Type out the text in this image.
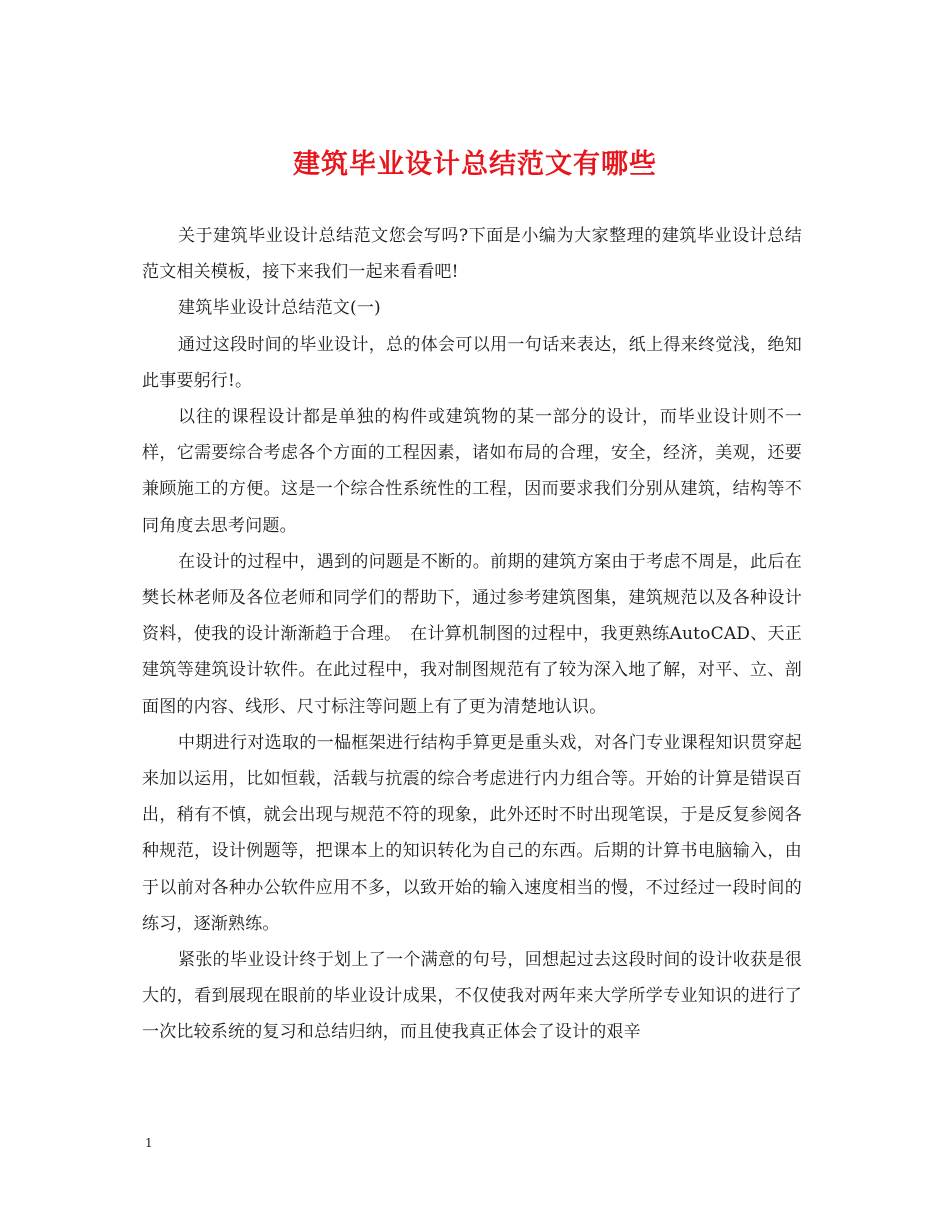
建筑毕业设计总结范文有哪些

关于建筑毕业设计总结范文您会写吗?下面是小编为大家整理的建筑毕业设计总结范文相关模板，接下来我们一起来看看吧!

建筑毕业设计总结范文(一)

通过这段时间的毕业设计，总的体会可以用一句话来表达，纸上得来终觉浅，绝知此事要躬行!。

以往的课程设计都是单独的构件或建筑物的某一部分的设计，而毕业设计则不一样，它需要综合考虑各个方面的工程因素，诸如布局的合理，安全，经济，美观，还要兼顾施工的方便。这是一个综合性系统性的工程，因而要求我们分别从建筑，结构等不同角度去思考问题。

在设计的过程中，遇到的问题是不断的。前期的建筑方案由于考虑不周是，此后在樊长林老师及各位老师和同学们的帮助下，通过参考建筑图集，建筑规范以及各种设计资料，使我的设计渐渐趋于合理。　在计算机制图的过程中，我更熟练AutoCAD、天正建筑等建筑设计软件。在此过程中，我对制图规范有了较为深入地了解，对平、立、剖面图的内容、线形、尺寸标注等问题上有了更为清楚地认识。

中期进行对选取的一榀框架进行结构手算更是重头戏，对各门专业课程知识贯穿起来加以运用，比如恒载，活载与抗震的综合考虑进行内力组合等。开始的计算是错误百出，稍有不慎，就会出现与规范不符的现象，此外还时不时出现笔误，于是反复参阅各种规范，设计例题等，把课本上的知识转化为自己的东西。后期的计算书电脑输入，由于以前对各种办公软件应用不多，以致开始的输入速度相当的慢，不过经过一段时间的练习，逐渐熟练。

紧张的毕业设计终于划上了一个满意的句号，回想起过去这段时间的设计收获是很大的，看到展现在眼前的毕业设计成果，不仅使我对两年来大学所学专业知识的进行了一次比较系统的复习和总结归纳，而且使我真正体会了设计的艰辛

1
